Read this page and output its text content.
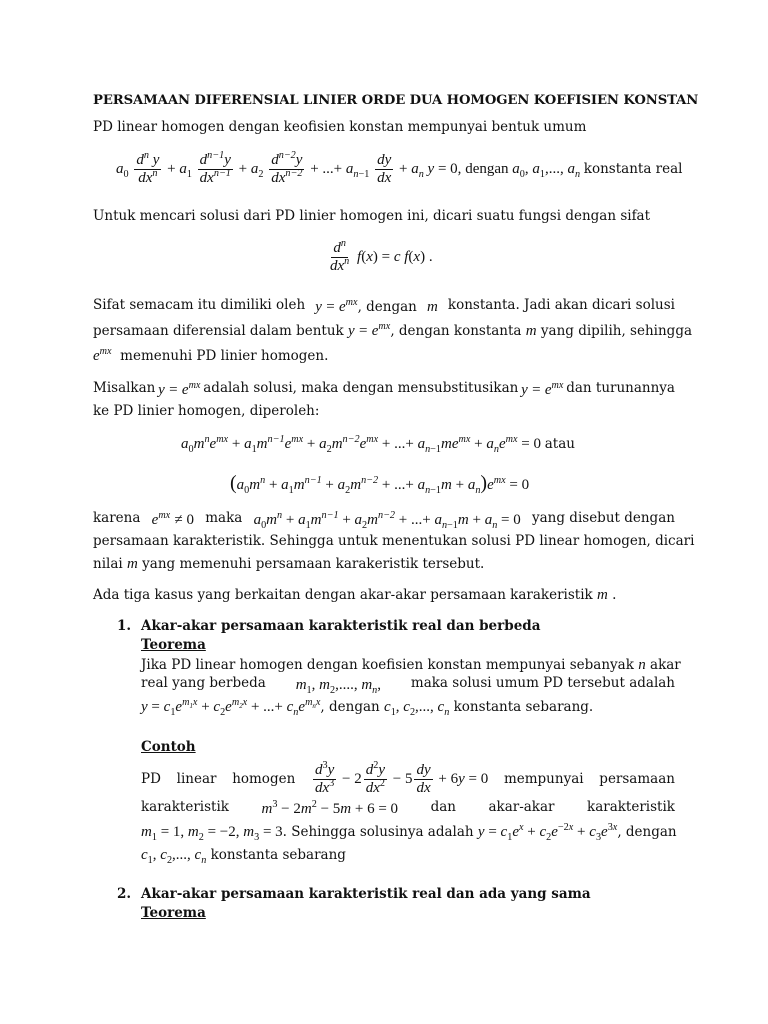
PERSAMAAN DIFERENSIAL LINIER ORDE DUA HOMOGEN KOEFISIEN KONSTAN
PD linear homogen dengan keofisien konstan mempunyai bentuk umum
$a_0 \frac{d^n y}{dx^n} + a_1 \frac{d^{n-1}y}{dx^{n-1}} + a_2 \frac{d^{n-2}y}{dx^{n-2}}$ + ...+ $a_{n-1} \frac{dy}{dx} + a_n$ y = 0, dengan $a_0$, $a_1$,..., $a_n$ konstanta real
Untuk mencari solusi dari PD linier homogen ini, dicari suatu fungsi dengan sifat
$\frac{d^n}{dx^n} f(x) = c$ f(x) .
Sifat semacam itu dimiliki oleh $y = e^{mx}$, dengan m konstanta. Jadi akan dicari solusi
persamaan diferensial dalam bentuk $y = e^{mx}$, dengan konstanta m yang dipilih, sehingga
$e^{mx}$ memenuhi PD linier homogen.
Misalkan $y = e^{mx}$ adalah solusi, maka dengan mensubstitusikan $y = e^{mx}$ dan turunannya
ke PD linier homogen, diperoleh:
$a_0m^ne^{mx} + a_1m^{n-1}e^{mx} + a_2m^{n-2}e^{mx}$ + ...+ $a_{n-1}me^{mx} + a_ne^{mx} = 0$ atau
($a_0m^n + a_1m^{n-1} + a_2m^{n-2}$ + ...+ $a_{n-1}m + a_n)e^{mx} = 0$
karena $e^{mx} \ne 0$ maka $a_0m^n + a_1m^{n-1} + a_2m^{n-2}$ + ...+ $a_{n-1}m + a_n = 0$ yang disebut dengan
persamaan karakteristik. Sehingga untuk menentukan solusi PD linear homogen, dicari
nilai m yang memenuhi persamaan karakeristik tersebut.
Ada tiga kasus yang berkaitan dengan akar-akar persamaan karakeristik m .
1. Akar-akar persamaan karakteristik real dan berbeda
Teorema
Jika PD linear homogen dengan koefisien konstan mempunyai sebanyak n akar
real yang berbeda $m_1$, $m_2$,...., $m_n$, maka solusi umum PD tersebut adalah
$y = c_1e^{m_1x} + c_2e^{m_2x}$ + ...+ $c_ne^{m_nx}$, dengan $c_1$, $c_2$,..., $c_n$ konstanta sebarang.
Contoh
PD linear homogen $\frac{d^3y}{dx^3} - 2 \frac{d^2y}{dx^2} - 5 \frac{dy}{dx} + 6y = 0$ mempunyai persamaan
karakteristik $m^3 - 2m^2 - 5m + 6 = 0$ dan akar-akar karakteristik
$m_1 = 1$, $m_2 = -2$, $m_3 = 3$. Sehingga solusinya adalah $y = c_1e^x + c_2e^{-2x} + c_3e^{3x}$, dengan
$c_1$, $c_2$,..., $c_n$ konstanta sebarang
2. Akar-akar persamaan karakteristik real dan ada yang sama
Teorema
